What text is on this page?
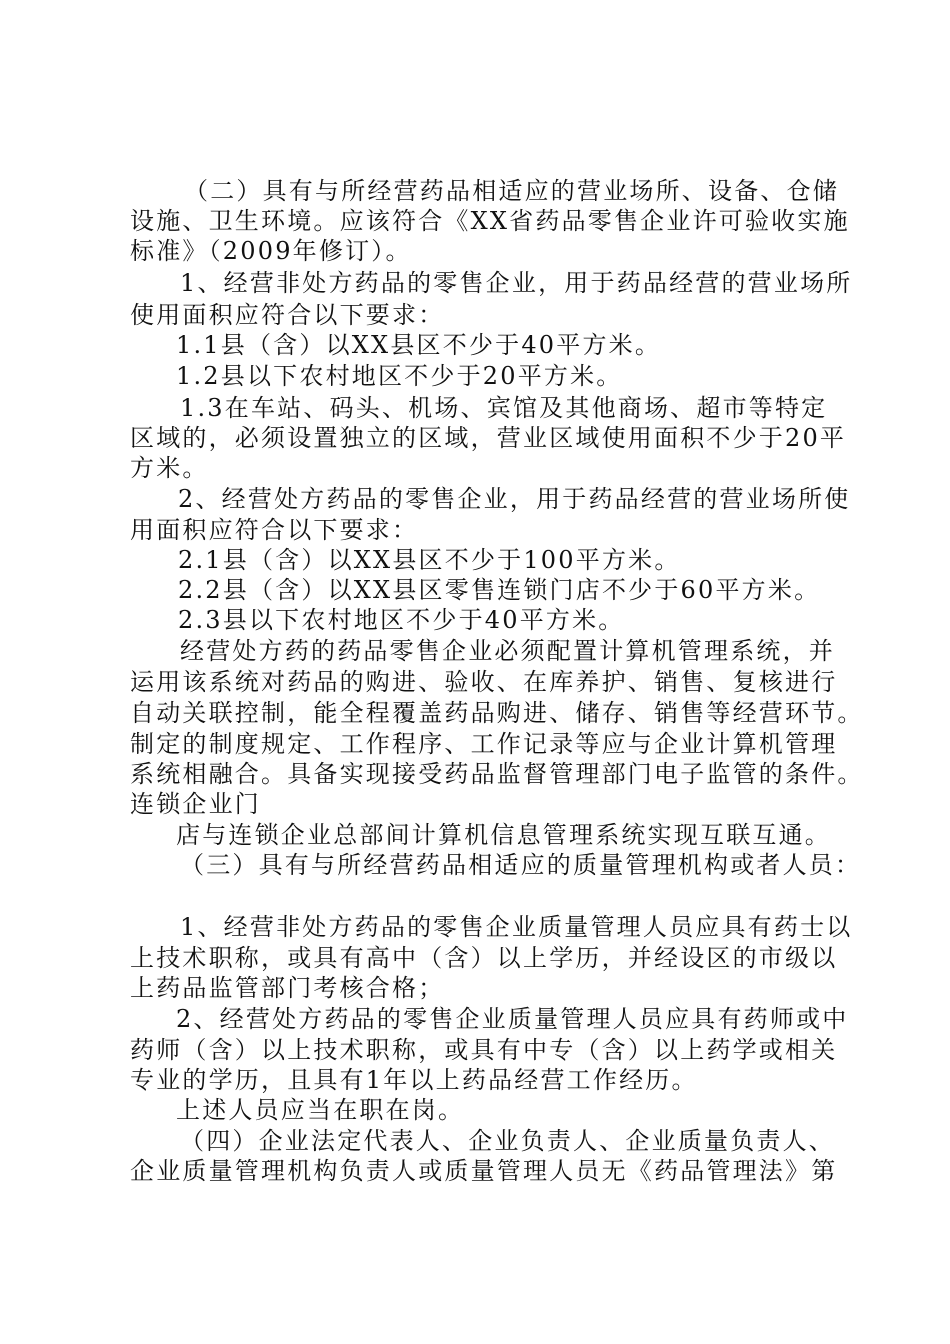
（二）具有与所经营药品相适应的营业场所、设备、仓储
设施、卫生环境。应该符合《XX省药品零售企业许可验收实施
标准》（2009年修订）。
1、经营非处方药品的零售企业，用于药品经营的营业场所
使用面积应符合以下要求：
1.1县（含）以XX县区不少于40平方米。
1.2县以下农村地区不少于20平方米。
1.3在车站、码头、机场、宾馆及其他商场、超市等特定
区域的，必须设置独立的区域，营业区域使用面积不少于20平
方米。
2、经营处方药品的零售企业，用于药品经营的营业场所使
用面积应符合以下要求：
2.1县（含）以XX县区不少于100平方米。
2.2县（含）以XX县区零售连锁门店不少于60平方米。
2.3县以下农村地区不少于40平方米。
经营处方药的药品零售企业必须配置计算机管理系统，并
运用该系统对药品的购进、验收、在库养护、销售、复核进行
自动关联控制，能全程覆盖药品购进、储存、销售等经营环节。
制定的制度规定、工作程序、工作记录等应与企业计算机管理
系统相融合。具备实现接受药品监督管理部门电子监管的条件。
连锁企业门
店与连锁企业总部间计算机信息管理系统实现互联互通。
（三）具有与所经营药品相适应的质量管理机构或者人员：
1、经营非处方药品的零售企业质量管理人员应具有药士以
上技术职称，或具有高中（含）以上学历，并经设区的市级以
上药品监管部门考核合格；
2、经营处方药品的零售企业质量管理人员应具有药师或中
药师（含）以上技术职称，或具有中专（含）以上药学或相关
专业的学历，且具有1年以上药品经营工作经历。
上述人员应当在职在岗。
（四）企业法定代表人、企业负责人、企业质量负责人、
企业质量管理机构负责人或质量管理人员无《药品管理法》第
